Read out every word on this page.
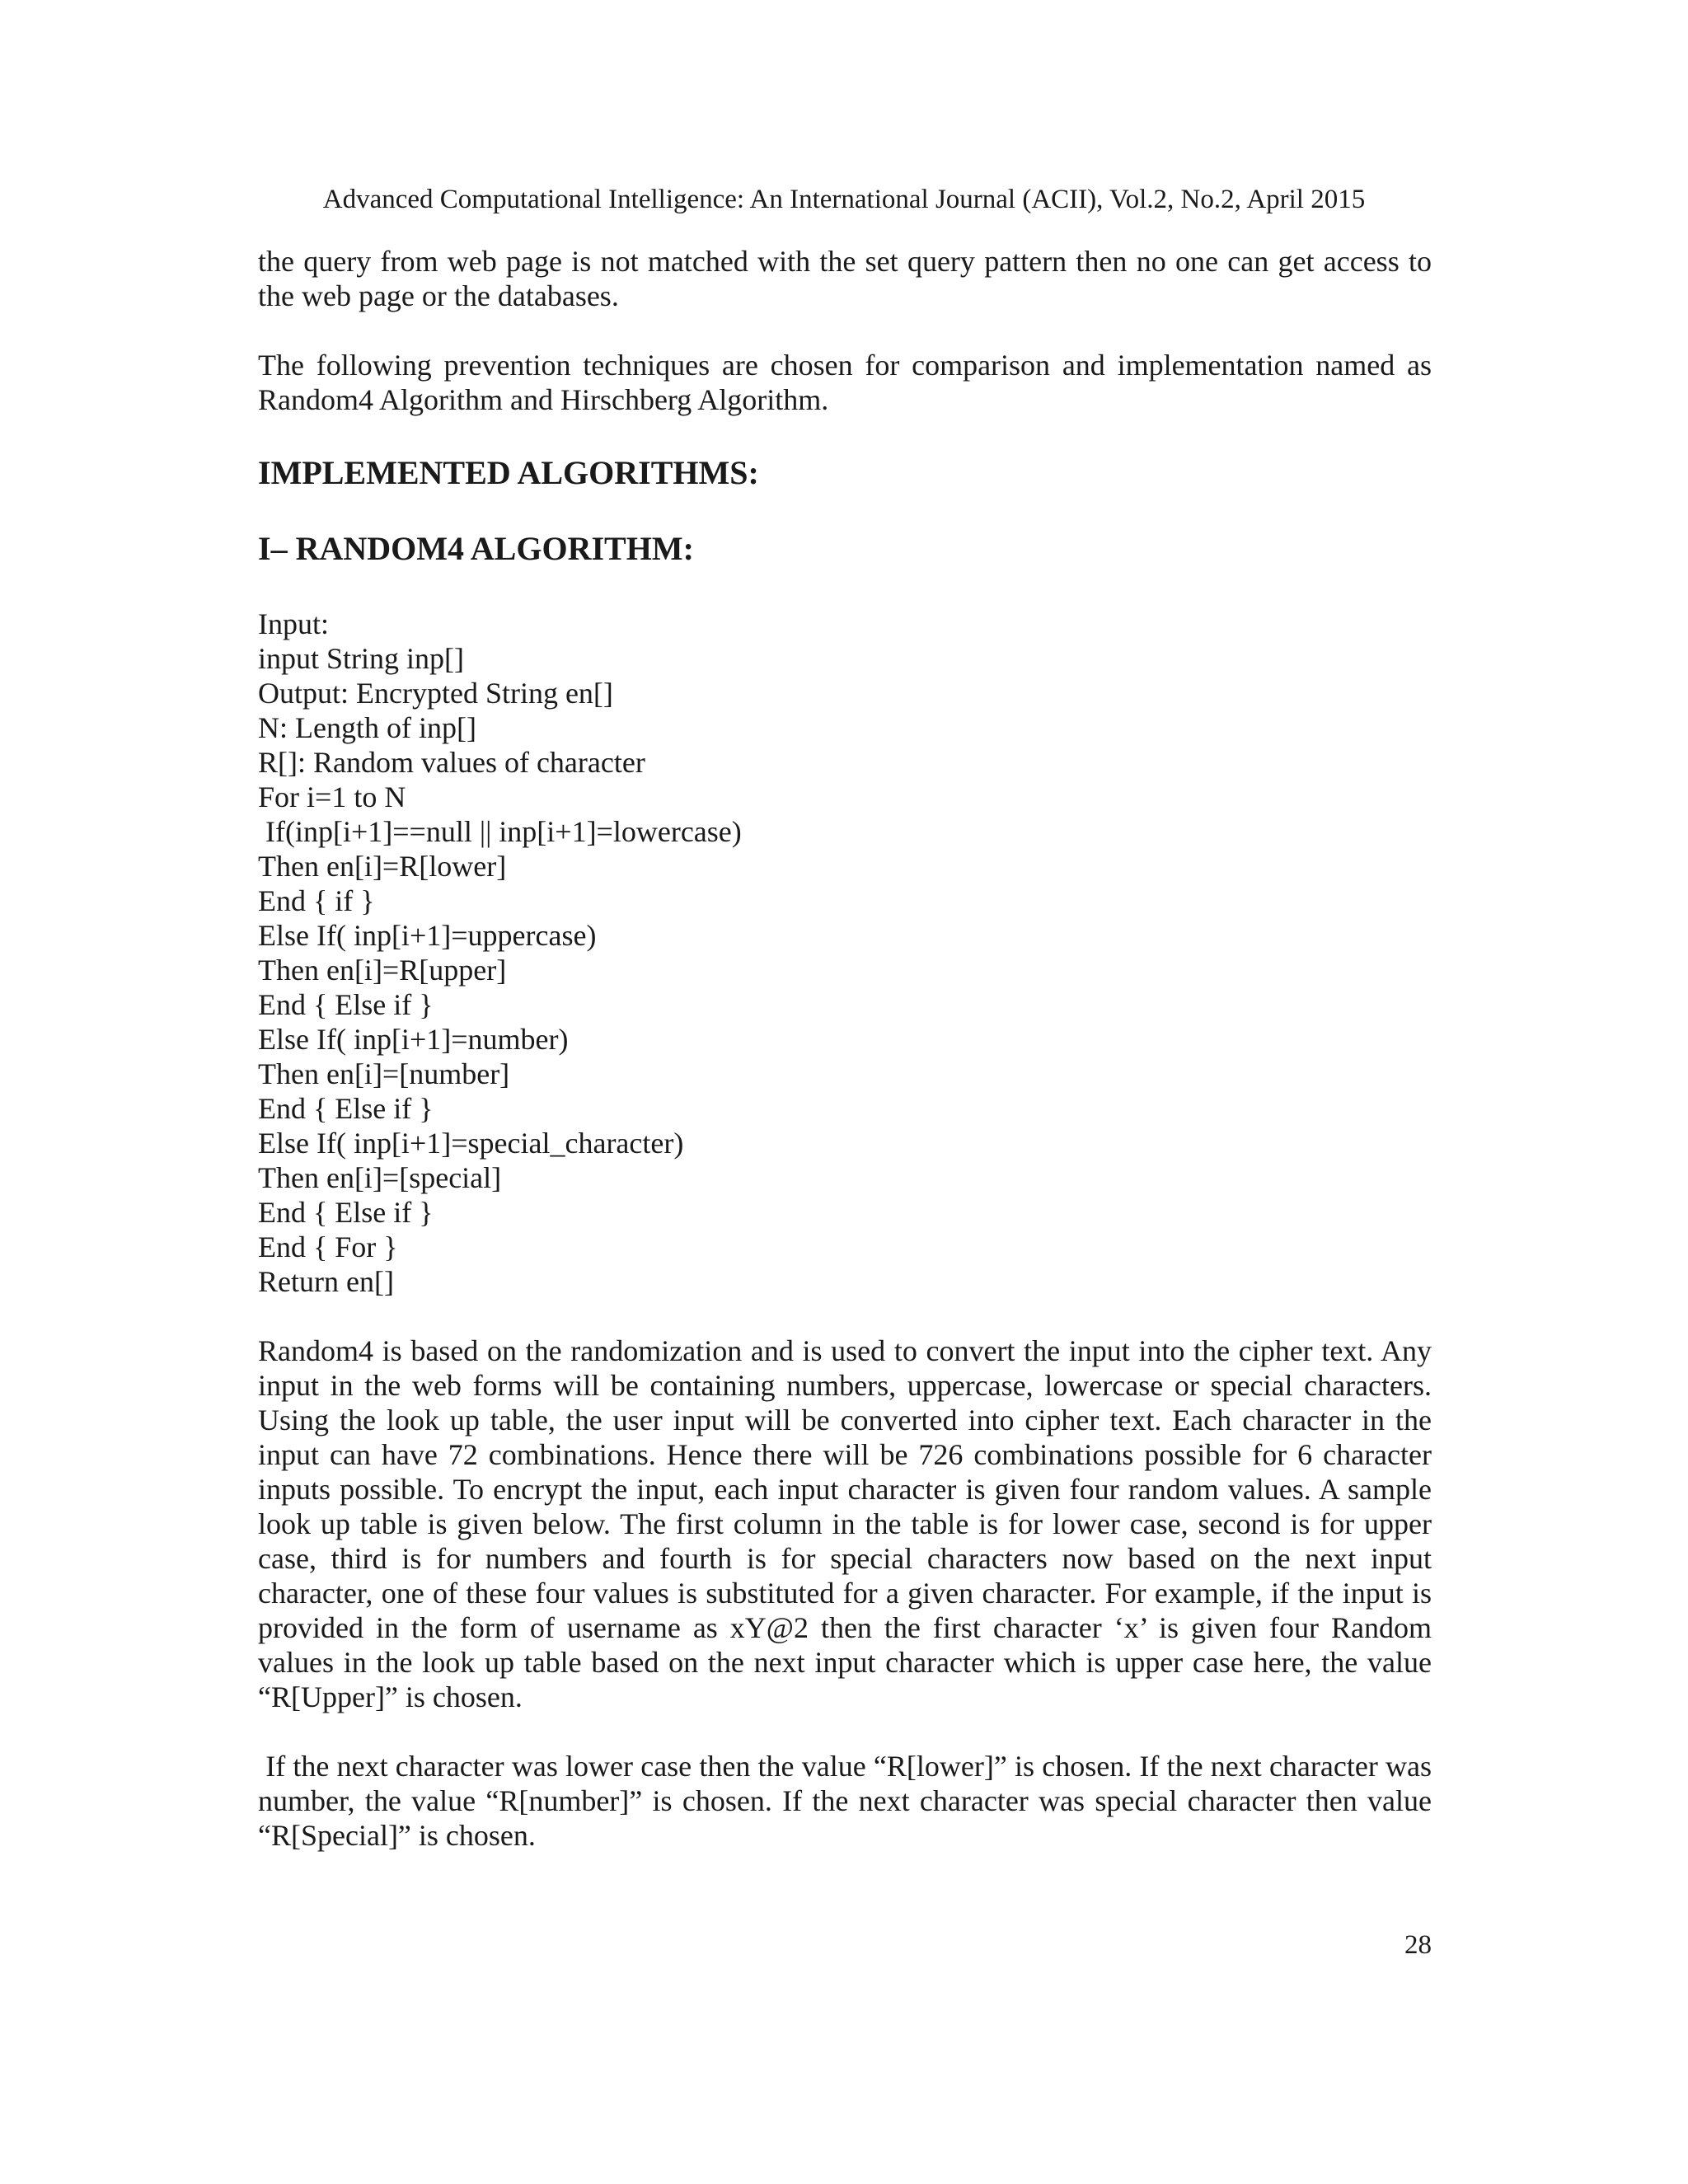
Advanced Computational Intelligence: An International Journal (ACII), Vol.2, No.2, April 2015

the query from web page is not matched with the set query pattern then no one can get access to the web page or the databases.

The following prevention techniques are chosen for comparison and implementation named as Random4 Algorithm and Hirschberg Algorithm.

IMPLEMENTED ALGORITHMS:
I– RANDOM4 ALGORITHM:
Input:
input String inp[]
Output: Encrypted String en[]
N: Length of inp[]
R[]: Random values of character
For i=1 to N
If(inp[i+1]==null || inp[i+1]=lowercase)
Then en[i]=R[lower]
End { if }
Else If( inp[i+1]=uppercase)
Then en[i]=R[upper]
End { Else if }
Else If( inp[i+1]=number)
Then en[i]=[number]
End { Else if }
Else If( inp[i+1]=special_character)
Then en[i]=[special]
End { Else if }
End { For }
Return en[]

Random4 is based on the randomization and is used to convert the input into the cipher text. Any input in the web forms will be containing numbers, uppercase, lowercase or special characters. Using the look up table, the user input will be converted into cipher text. Each character in the input can have 72 combinations. Hence there will be 726 combinations possible for 6 character inputs possible. To encrypt the input, each input character is given four random values. A sample look up table is given below. The first column in the table is for lower case, second is for upper case, third is for numbers and fourth is for special characters now based on the next input character, one of these four values is substituted for a given character. For example, if the input is provided in the form of username as xY@2 then the first character ‘x’ is given four Random values in the look up table based on the next input character which is upper case here, the value “R[Upper]” is chosen.

If the next character was lower case then the value “R[lower]” is chosen. If the next character was number, the value “R[number]” is chosen. If the next character was special character then value “R[Special]” is chosen.

28
